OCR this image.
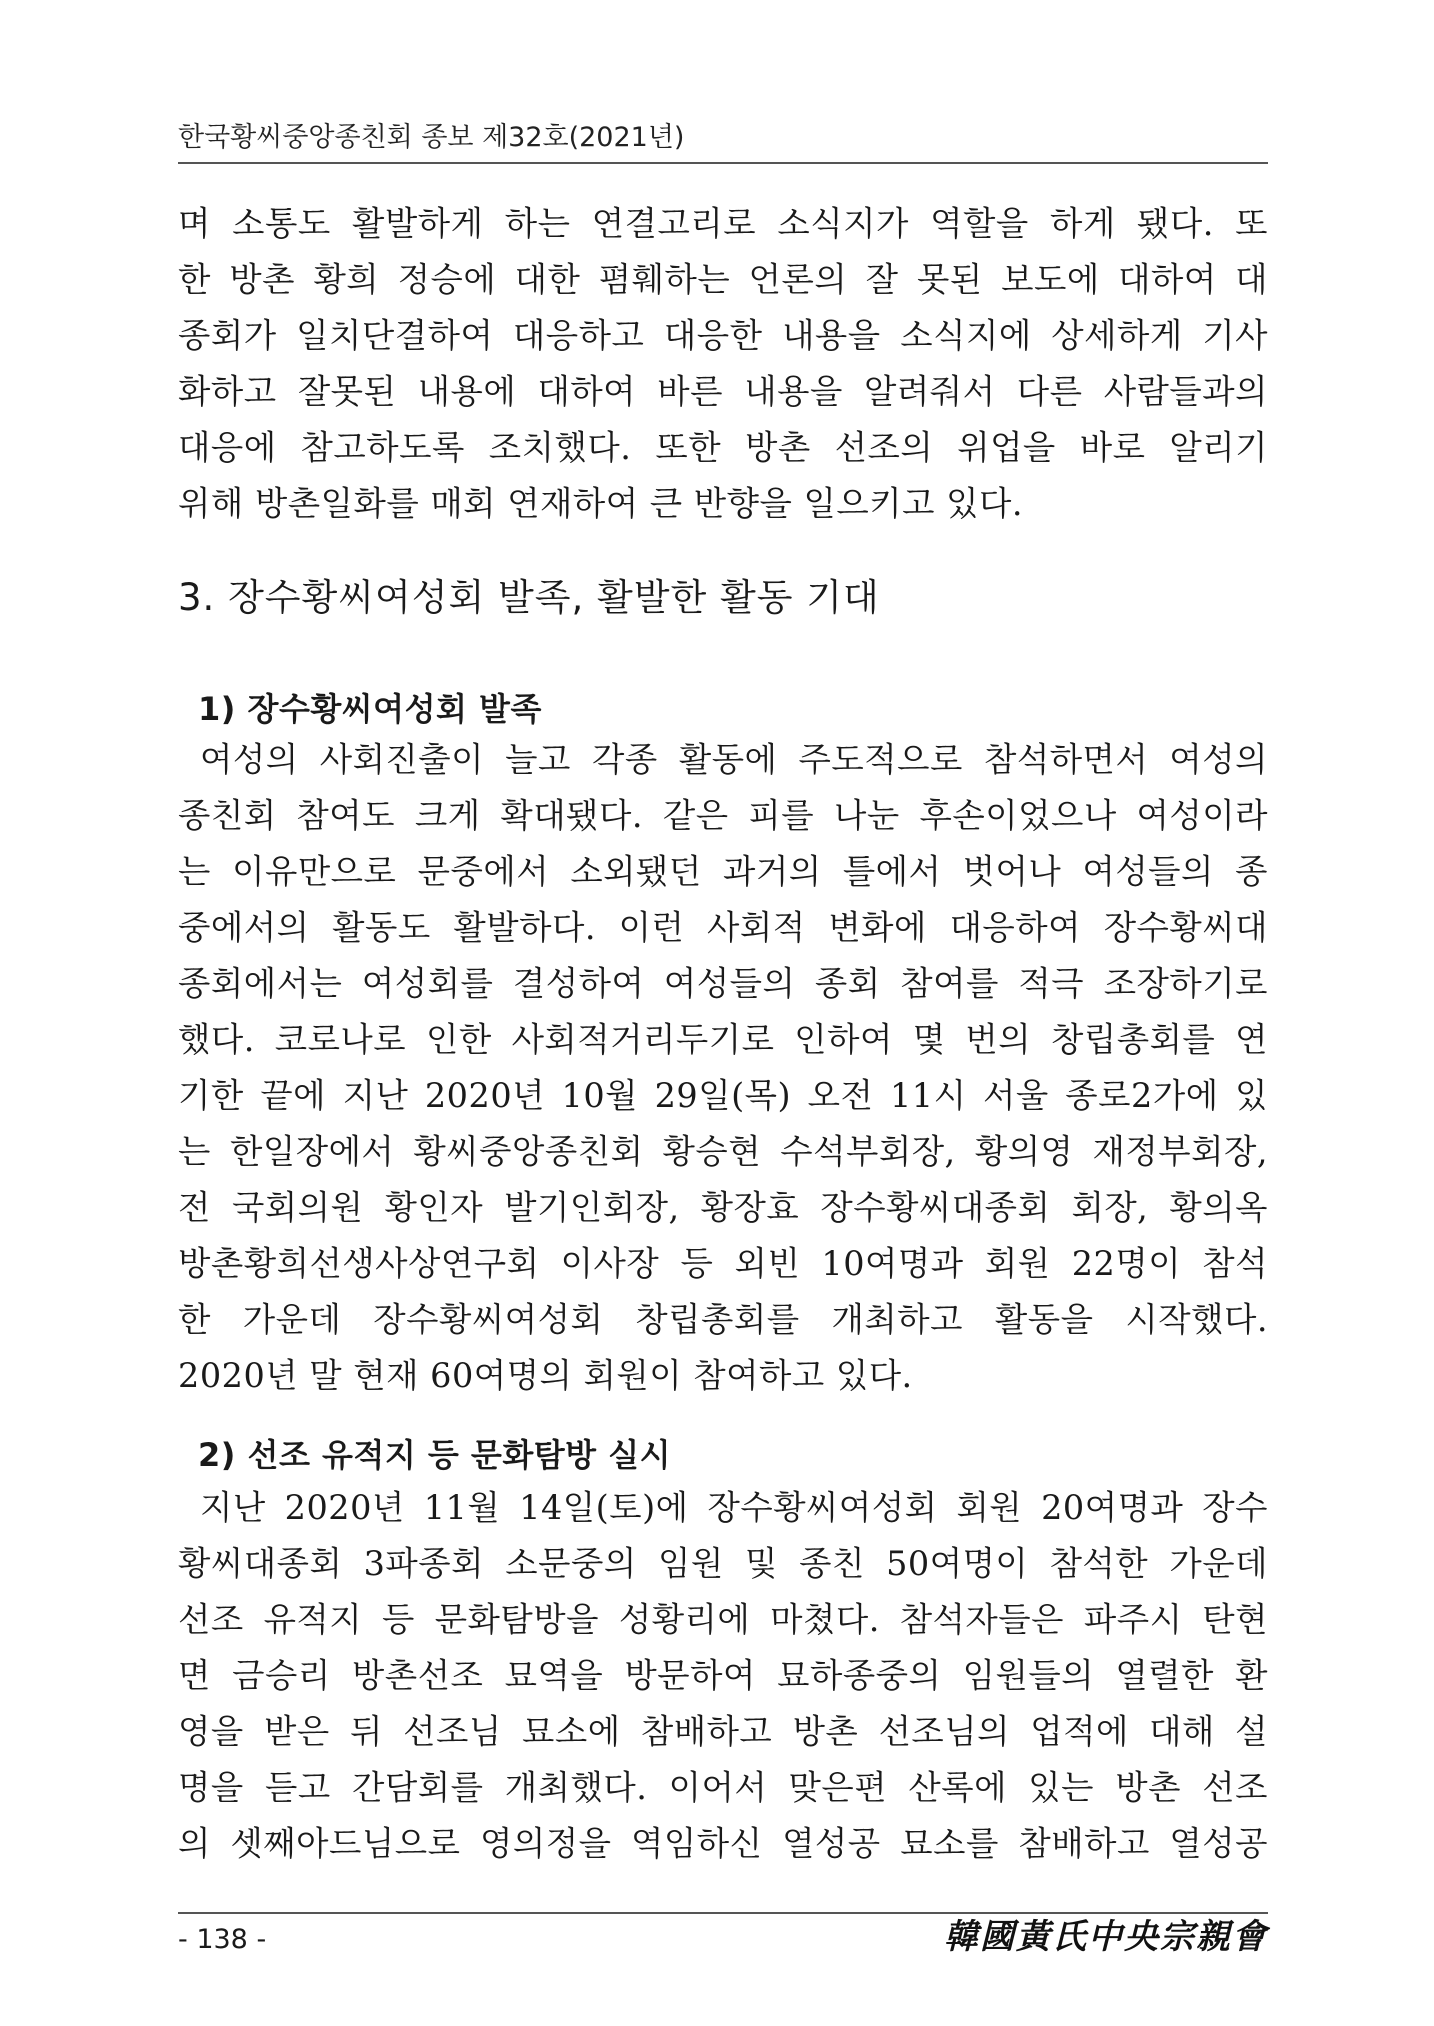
한국황씨중앙종친회 종보 제32호(2021년)
며 소통도 활발하게 하는 연결고리로 소식지가 역할을 하게 됐다. 또
한 방촌 황희 정승에 대한 폄훼하는 언론의 잘 못된 보도에 대하여 대
종회가 일치단결하여 대응하고 대응한 내용을 소식지에 상세하게 기사
화하고 잘못된 내용에 대하여 바른 내용을 알려줘서 다른 사람들과의
대응에 참고하도록 조치했다. 또한 방촌 선조의 위업을 바로 알리기
위해 방촌일화를 매회 연재하여 큰 반향을 일으키고 있다.
3. 장수황씨여성회 발족, 활발한 활동 기대
1) 장수황씨여성회 발족
여성의 사회진출이 늘고 각종 활동에 주도적으로 참석하면서 여성의
종친회 참여도 크게 확대됐다. 같은 피를 나눈 후손이었으나 여성이라
는 이유만으로 문중에서 소외됐던 과거의 틀에서 벗어나 여성들의 종
중에서의 활동도 활발하다. 이런 사회적 변화에 대응하여 장수황씨대
종회에서는 여성회를 결성하여 여성들의 종회 참여를 적극 조장하기로
했다. 코로나로 인한 사회적거리두기로 인하여 몇 번의 창립총회를 연
기한 끝에 지난 2020년 10월 29일(목) 오전 11시 서울 종로2가에 있
는 한일장에서 황씨중앙종친회 황승현 수석부회장, 황의영 재정부회장,
전 국회의원 황인자 발기인회장, 황장효 장수황씨대종회 회장, 황의옥
방촌황희선생사상연구회 이사장 등 외빈 10여명과 회원 22명이 참석
한 가운데 장수황씨여성회 창립총회를 개최하고 활동을 시작했다.
2020년 말 현재 60여명의 회원이 참여하고 있다.
2) 선조 유적지 등 문화탐방 실시
지난 2020년 11월 14일(토)에 장수황씨여성회 회원 20여명과 장수
황씨대종회 3파종회 소문중의 임원 및 종친 50여명이 참석한 가운데
선조 유적지 등 문화탐방을 성황리에 마쳤다. 참석자들은 파주시 탄현
면 금승리 방촌선조 묘역을 방문하여 묘하종중의 임원들의 열렬한 환
영을 받은 뒤 선조님 묘소에 참배하고 방촌 선조님의 업적에 대해 설
명을 듣고 간담회를 개최했다. 이어서 맞은편 산록에 있는 방촌 선조
의 셋째아드님으로 영의정을 역임하신 열성공 묘소를 참배하고 열성공
- 138 -	韓國黃氏中央宗親會
